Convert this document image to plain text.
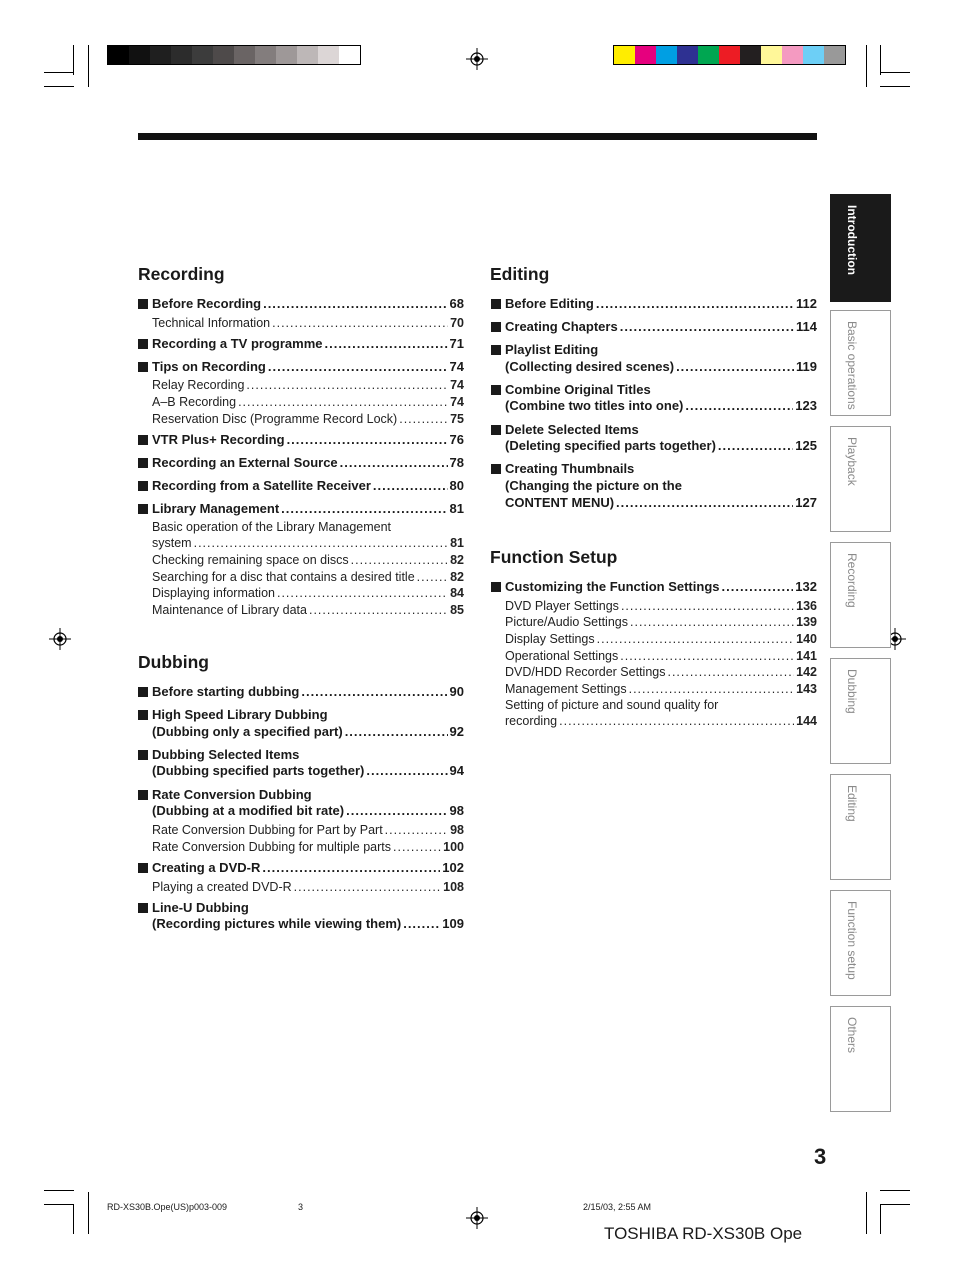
Recording
Dubbing
Editing
Function Setup
Before Recording .....	68
Technical Information .....	70
Recording a TV programme .....	71
Tips on Recording .....	74
Relay Recording .....	74
A–B Recording .....	74
Reservation Disc (Programme Record Lock) .....	75
VTR Plus+ Recording .....	76
Recording an External Source .....	78
Recording from a Satellite Receiver .....	80
Library Management .....	81
Basic operation of the Library Management
system .....	81
Checking remaining space on discs .....	82
Searching for a disc that contains a desired title .....	82
Displaying information .....	84
Maintenance of Library data .....	85
Before starting dubbing .....	90
High Speed Library Dubbing
(Dubbing only a specified part) .....	92
Dubbing Selected Items
(Dubbing specified parts together) .....	94
Rate Conversion Dubbing
(Dubbing at a modified bit rate) .....	98
Rate Conversion Dubbing for Part by Part .....	98
Rate Conversion Dubbing for multiple parts .....	100
Creating a DVD-R .....	102
Playing a created DVD-R .....	108
Line-U Dubbing
(Recording pictures while viewing them) .....	109
Before Editing .....	112
Creating Chapters .....	114
Playlist Editing
(Collecting desired scenes) .....	119
Combine Original Titles
(Combine two titles into one) .....	123
Delete Selected Items
(Deleting specified parts together) .....	125
Creating Thumbnails
(Changing the picture on the
CONTENT MENU) .....	127
Customizing the Function Settings .....	132
DVD Player Settings .....	136
Picture/Audio Settings .....	139
Display Settings .....	140
Operational Settings .....	141
DVD/HDD Recorder Settings .....	142
Management Settings .....	143
Setting of picture and sound quality for
recording .....	144
Introduction
Basic operations
Playback
Recording
Dubbing
Editing
Function setup
Others
3
RD-XS30B.Ope(US)p003-009	3	2/15/03, 2:55 AM
TOSHIBA RD-XS30B Ope
